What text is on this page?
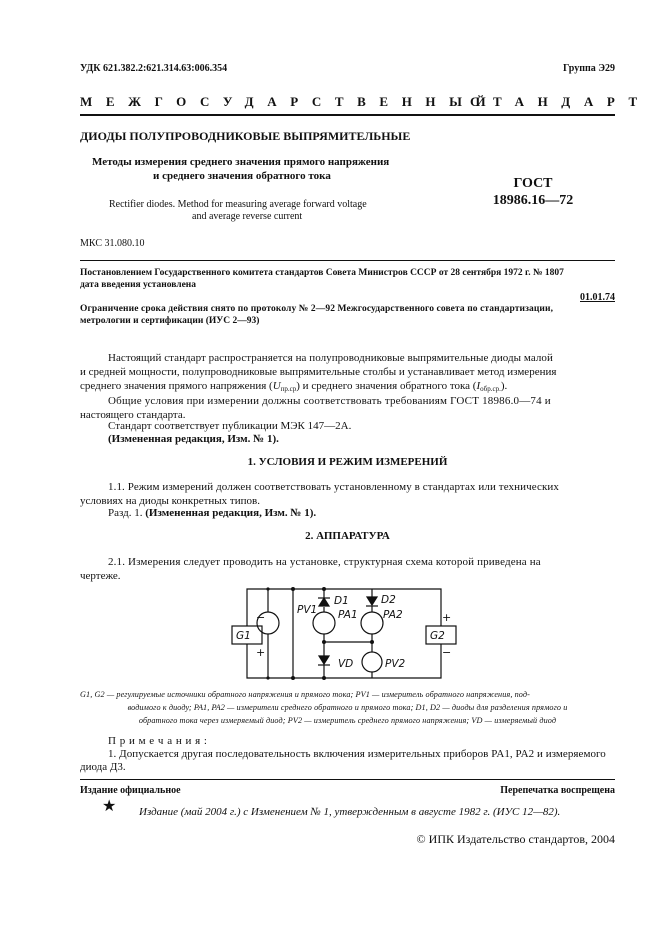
УДК 621.382.2:621.314.63:006.354	Группа Э29
МЕЖГОСУДАРСТВЕННЫЙ
СТАНДАРТ
ДИОДЫ ПОЛУПРОВОДНИКОВЫЕ ВЫПРЯМИТЕЛЬНЫЕ
Методы измерения среднего значения прямого напряжения
и среднего значения обратного тока
Rectifier diodes. Method for measuring average forward voltage
and average reverse current
ГОСТ
18986.16—72
МКС 31.080.10
Постановлением Государственного комитета стандартов Совета Министров СССР от 28 сентября 1972 г. № 1807
дата введения установлена
01.01.74
Ограничение срока действия снято по протоколу № 2—92 Межгосударственного совета по стандартизации,
метрологии и сертификации (ИУС 2—93)
Настоящий стандарт распространяется на полупроводниковые выпрямительные диоды малой
и средней мощности, полупроводниковые выпрямительные столбы и устанавливает метод измерения
среднего значения прямого напряжения $(U_{пр.ср})$ и среднего значения обратного тока $(I_{обр.ср.})$.
Общие условия при измерении должны соответствовать требованиям ГОСТ 18986.0—74 и
настоящего стандарта.
Стандарт соответствует публикации МЭК 147—2А.
(Измененная редакция, Изм. № 1).
1. УСЛОВИЯ И РЕЖИМ ИЗМЕРЕНИЙ
1.1. Режим измерений должен соответствовать установленному в стандартах или технических
условиях на диоды конкретных типов.
Разд. 1. (Измененная редакция, Изм. № 1).
2. АППАРАТУРА
2.1. Измерения следует проводить на установке, структурная схема которой приведена на
чертеже.
G1	G2
PV1 PA1 PA2
PV2
D1	D2
VD
−
+
+
−
G1, G2 — регулируемые источники обратного напряжения и прямого тока; PV1 — измеритель обратного напряжения, под-
водимого к диоду; PA1, PA2 — измерители среднего обратного и прямого тока; D1, D2 — диоды для разделения прямого и
обратного тока через измеряемый диод; PV2 — измеритель среднего прямого напряжения; VD — измеряемый диод
П р и м е ч а н и я :
1. Допускается другая последовательность включения измерительных приборов PA1, PA2 и измеряемого
диода Д3.
Издание официальное	Перепечатка воспрещена
★ Издание (май 2004 г.) с Изменением № 1, утвержденным в августе 1982 г. (ИУС 12—82).
© ИПК Издательство стандартов, 2004
